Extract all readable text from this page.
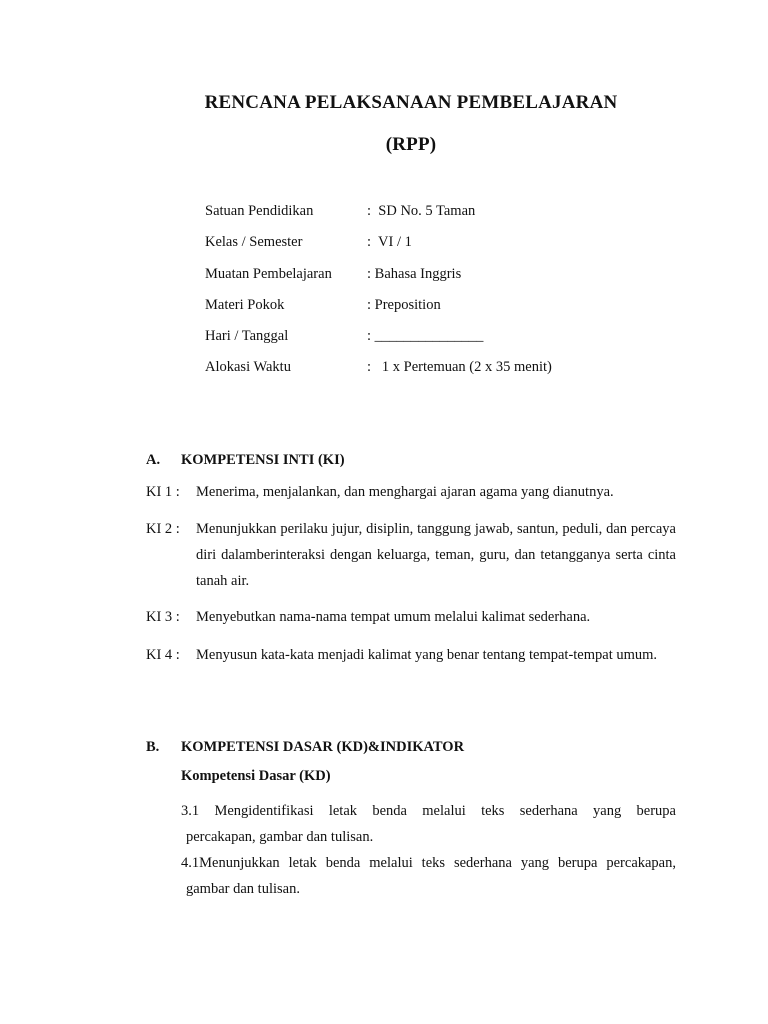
RENCANA PELAKSANAAN PEMBELAJARAN
(RPP)
Satuan Pendidikan	:  SD No. 5 Taman
Kelas / Semester	:  VI / 1
Muatan Pembelajaran : Bahasa Inggris
Materi Pokok	: Preposition
Hari / Tanggal	: _______________
Alokasi Waktu	:   1 x Pertemuan (2 x 35 menit)
A. KOMPETENSI INTI (KI)
KI 1 : Menerima, menjalankan, dan menghargai ajaran agama yang dianutnya.
KI 2 : Menunjukkan perilaku jujur, disiplin, tanggung jawab, santun, peduli, dan percaya diri dalamberinteraksi dengan keluarga, teman, guru, dan tetangganya serta cinta tanah air.
KI 3 : Menyebutkan nama-nama tempat umum melalui kalimat sederhana.
KI 4 : Menyusun kata-kata menjadi kalimat yang benar tentang tempat-tempat umum.
B. KOMPETENSI DASAR (KD)&INDIKATOR
Kompetensi Dasar (KD)
3.1 Mengidentifikasi letak benda melalui teks sederhana yang berupa
percakapan, gambar dan tulisan.
4.1Menunjukkan letak benda melalui teks sederhana yang berupa percakapan,
gambar dan tulisan.
